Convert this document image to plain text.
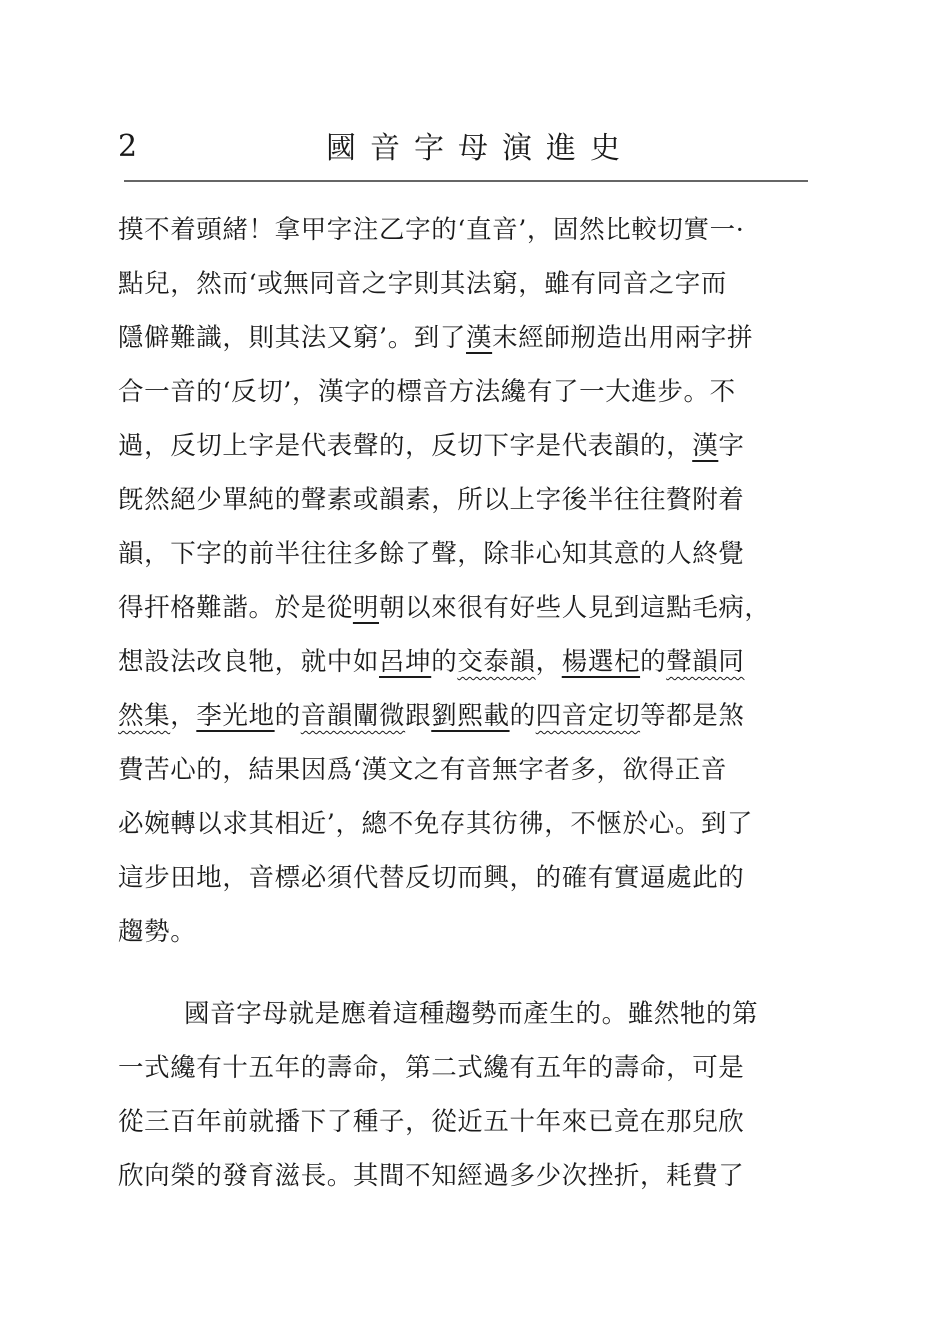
2	國音字母演進史
摸不着頭緒！拿甲字注乙字的‘直音’，固然比較切實一·
點兒，然而‘或無同音之字則其法窮，雖有同音之字而
隱僻難識，則其法又窮’。到了漢末經師剏造出用兩字拼
合一音的‘反切’，漢字的標音方法纔有了一大進步。不
過，反切上字是代表聲的，反切下字是代表韻的，漢字
旣然絕少單純的聲素或韻素，所以上字後半往往贅附着
韻，下字的前半往往多餘了聲，除非心知其意的人終覺
得扞格難諧。於是從明朝以來很有好些人見到這點毛病，
想設法改良牠，就中如呂坤的交泰韻，楊選杞的聲韻同
然集，李光地的音韻闡微跟劉熙載的四音定切等都是煞
費苦心的，結果因爲‘漢文之有音無字者多，欲得正音
必婉轉以求其相近’，總不免存其彷彿，不愜於心。到了
這步田地，音標必須代替反切而興，的確有實逼處此的
趨勢。
國音字母就是應着這種趨勢而產生的。雖然牠的第
一式纔有十五年的壽命，第二式纔有五年的壽命，可是
從三百年前就播下了種子，從近五十年來已竟在那兒欣
欣向榮的發育滋長。其間不知經過多少次挫折，耗費了
